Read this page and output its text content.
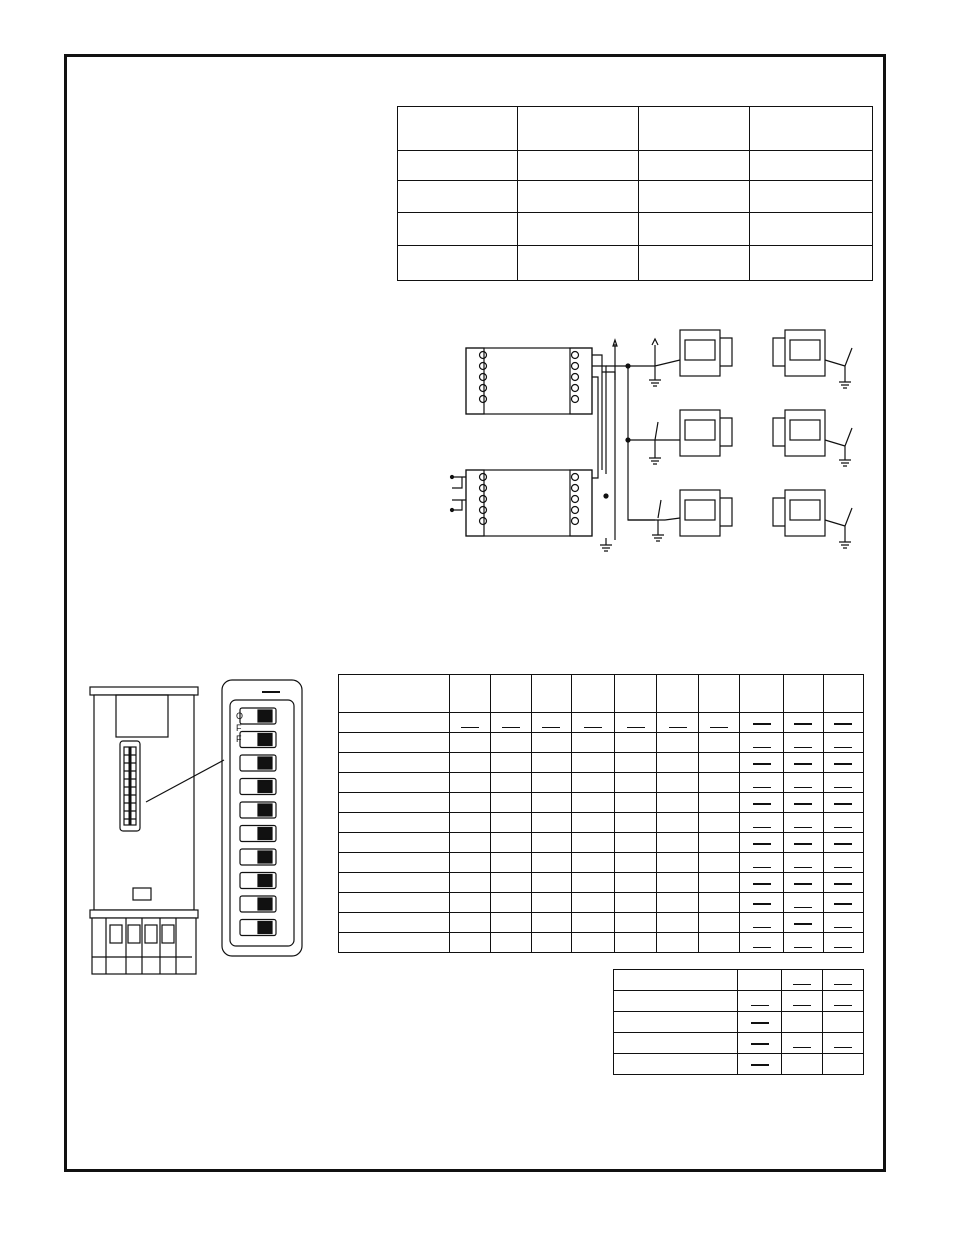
O
F
F
